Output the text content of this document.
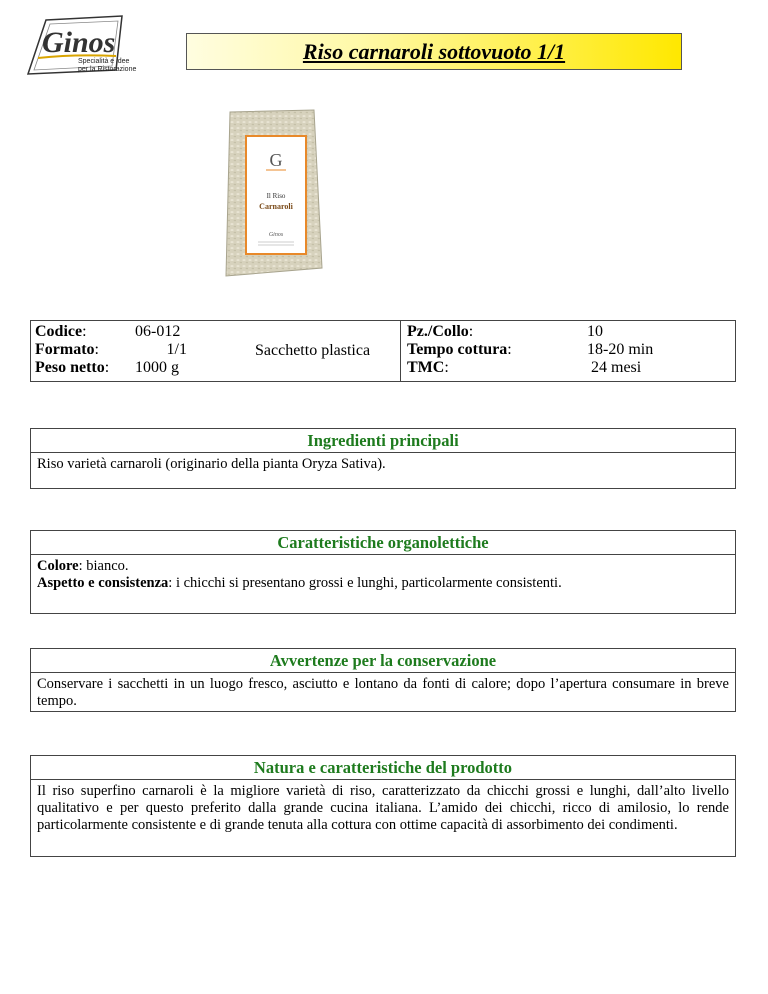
Ginos
Specialità e idee
per la Ristorazione
Riso carnaroli sottovuoto 1/1
G
Il Riso
Carnaroli
Ginos
Codice:	06-012
Formato:	1/1
Peso netto: 1000 g
Sacchetto plastica
Pz./Collo:	10
Tempo cottura:	18-20 min
TMC:	24 mesi
Ingredienti principali
Riso varietà carnaroli (originario della pianta Oryza Sativa).
Caratteristiche organolettiche
Colore: bianco.
Aspetto e consistenza: i chicchi si presentano grossi e lunghi, particolarmente consistenti.
Avvertenze per la conservazione
Conservare i sacchetti in un luogo fresco, asciutto e lontano da fonti di calore; dopo l’apertura consumare in breve tempo.
Natura e caratteristiche del prodotto
Il riso superfino carnaroli è la migliore varietà di riso, caratterizzato da chicchi grossi e lunghi, dall’alto livello qualitativo e per questo preferito dalla grande cucina italiana. L’amido dei chicchi, ricco di amilosio, lo rende particolarmente consistente e di grande tenuta alla cottura con ottime capacità di assorbimento dei condimenti.
